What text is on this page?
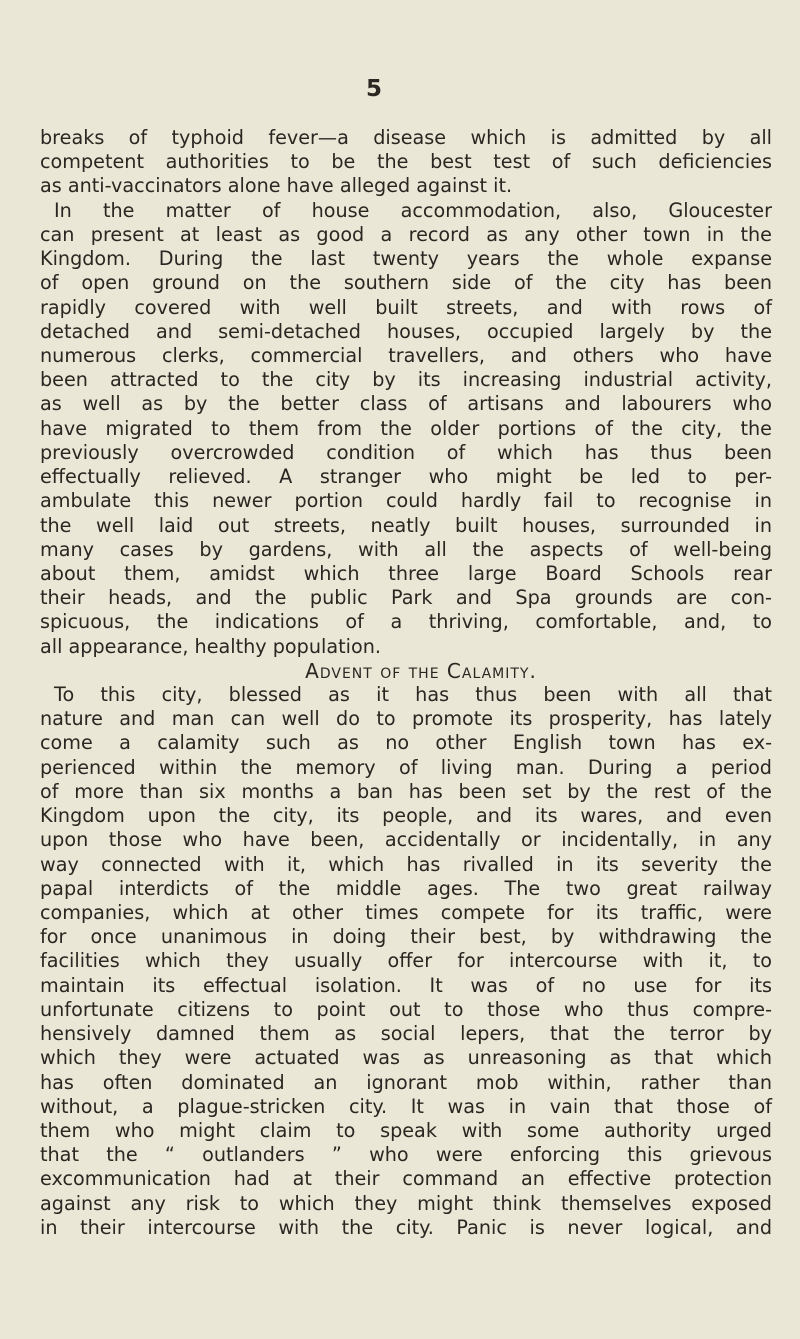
5
breaks of typhoid fever—a disease which is admitted by all
competent authorities to be the best test of such deficiencies
as anti-vaccinators alone have alleged against it.
In the matter of house accommodation, also, Gloucester
can present at least as good a record as any other town in the
Kingdom. During the last twenty years the whole expanse
of open ground on the southern side of the city has been
rapidly covered with well built streets, and with rows of
detached and semi-detached houses, occupied largely by the
numerous clerks, commercial travellers, and others who have
been attracted to the city by its increasing industrial activity,
as well as by the better class of artisans and labourers who
have migrated to them from the older portions of the city, the
previously overcrowded condition of which has thus been
effectually relieved. A stranger who might be led to per-
ambulate this newer portion could hardly fail to recognise in
the well laid out streets, neatly built houses, surrounded in
many cases by gardens, with all the aspects of well-being
about them, amidst which three large Board Schools rear
their heads, and the public Park and Spa grounds are con-
spicuous, the indications of a thriving, comfortable, and, to
all appearance, healthy population.
Advent of the Calamity.
To this city, blessed as it has thus been with all that
nature and man can well do to promote its prosperity, has lately
come a calamity such as no other English town has ex-
perienced within the memory of living man. During a period
of more than six months a ban has been set by the rest of the
Kingdom upon the city, its people, and its wares, and even
upon those who have been, accidentally or incidentally, in any
way connected with it, which has rivalled in its severity the
papal interdicts of the middle ages. The two great railway
companies, which at other times compete for its traffic, were
for once unanimous in doing their best, by withdrawing the
facilities which they usually offer for intercourse with it, to
maintain its effectual isolation. It was of no use for its
unfortunate citizens to point out to those who thus compre-
hensively damned them as social lepers, that the terror by
which they were actuated was as unreasoning as that which
has often dominated an ignorant mob within, rather than
without, a plague-stricken city. It was in vain that those of
them who might claim to speak with some authority urged
that the “ outlanders ” who were enforcing this grievous
excommunication had at their command an effective protection
against any risk to which they might think themselves exposed
in their intercourse with the city. Panic is never logical, and
